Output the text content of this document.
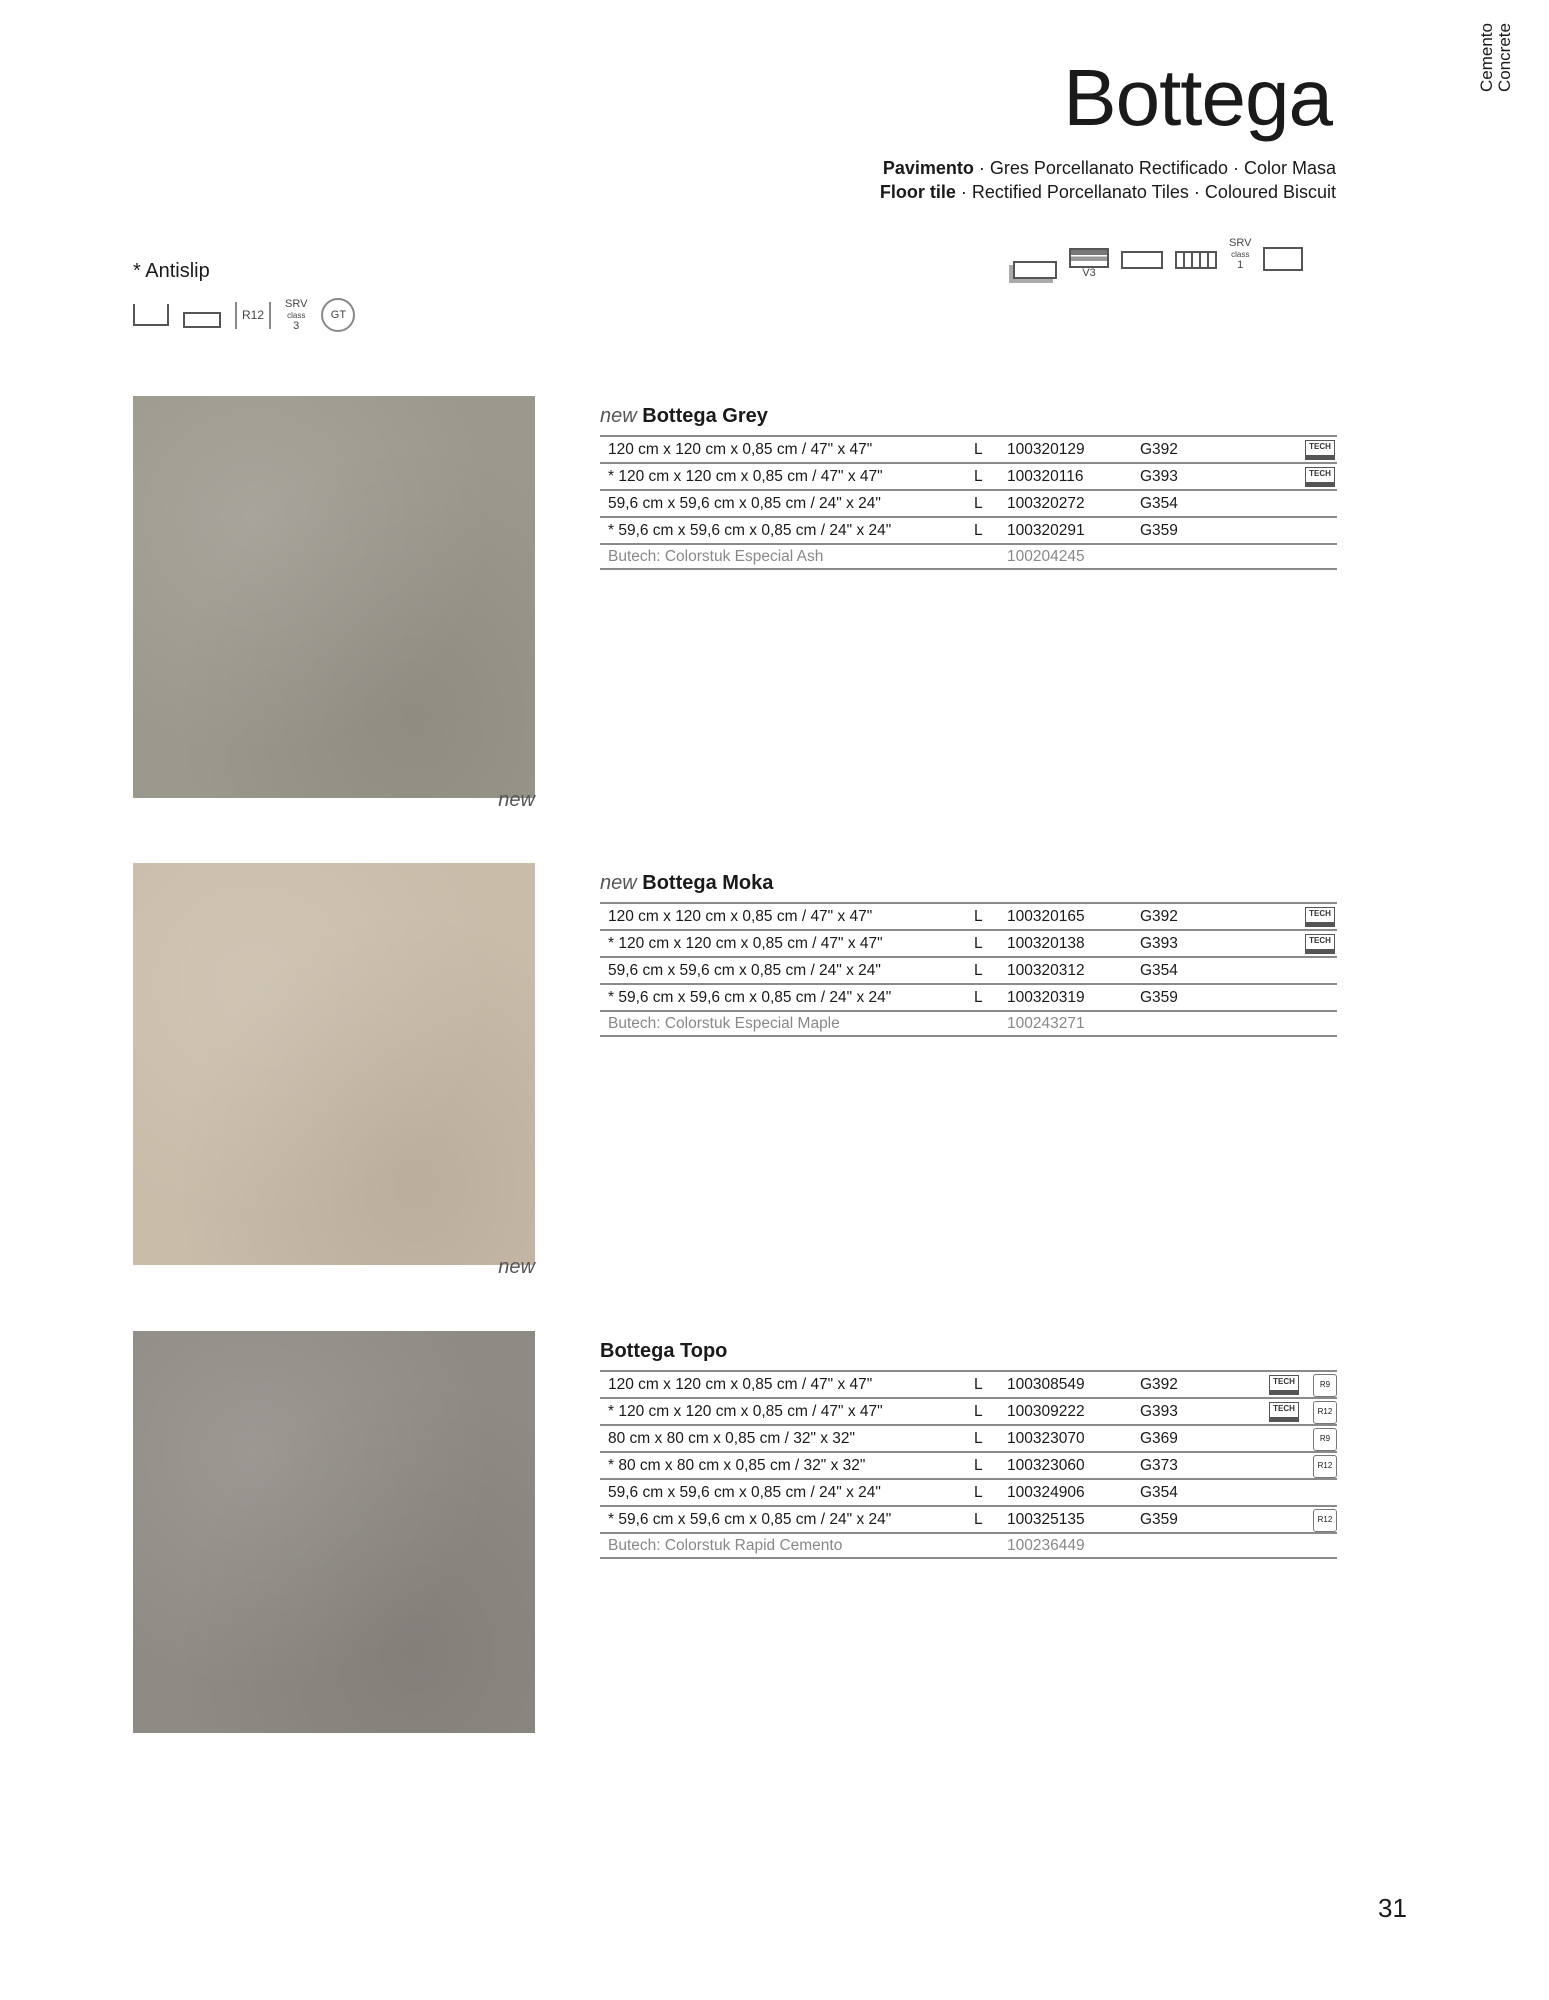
Bottega	Cemento Concrete
Pavimento · Gres Porcellanato Rectificado · Color Masa
Floor tile · Rectified Porcellanato Tiles · Coloured Biscuit
V3
SRV
class
1
* Antislip
R12
SRV
class
3
GT
new
new Bottega Grey
120 cm x 120 cm x 0,85 cm / 47" x 47"	L	100320129	G392	TECH
* 120 cm x 120 cm x 0,85 cm / 47" x 47"	L	100320116	G393	TECH
59,6 cm x 59,6 cm x 0,85 cm / 24" x 24"	L	100320272	G354
* 59,6 cm x 59,6 cm x 0,85 cm / 24" x 24"	L	100320291	G359
Butech: Colorstuk Especial Ash	100204245
new
new Bottega Moka
120 cm x 120 cm x 0,85 cm / 47" x 47"	L	100320165	G392	TECH
* 120 cm x 120 cm x 0,85 cm / 47" x 47"	L	100320138	G393	TECH
59,6 cm x 59,6 cm x 0,85 cm / 24" x 24"	L	100320312	G354
* 59,6 cm x 59,6 cm x 0,85 cm / 24" x 24"	L	100320319	G359
Butech: Colorstuk Especial Maple	100243271
Bottega Topo
120 cm x 120 cm x 0,85 cm / 47" x 47"	L	100308549	G392	TECH	R9
* 120 cm x 120 cm x 0,85 cm / 47" x 47"	L	100309222	G393	TECH	R12
80 cm x 80 cm x 0,85 cm / 32" x 32"	L	100323070	G369	R9
* 80 cm x 80 cm x 0,85 cm / 32" x 32"	L	100323060	G373	R12
59,6 cm x 59,6 cm x 0,85 cm / 24" x 24"	L	100324906	G354
* 59,6 cm x 59,6 cm x 0,85 cm / 24" x 24"	L	100325135	G359	R12
Butech: Colorstuk Rapid Cemento	100236449
31
